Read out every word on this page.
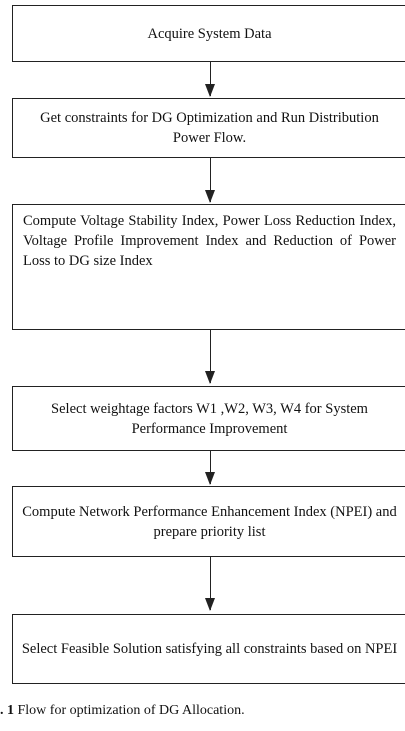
Acquire System Data
Get constraints for DG Optimization and Run Distribution Power Flow.
Compute Voltage Stability Index, Power Loss Reduction Index, Voltage Profile Improvement Index and Reduction of Power Loss to DG size Index
Select weightage factors W1 ,W2, W3, W4 for System Performance Improvement
Compute Network Performance Enhancement Index (NPEI) and prepare priority list
Select Feasible Solution satisfying all constraints based on NPEI
. 1 Flow for optimization of DG Allocation.
